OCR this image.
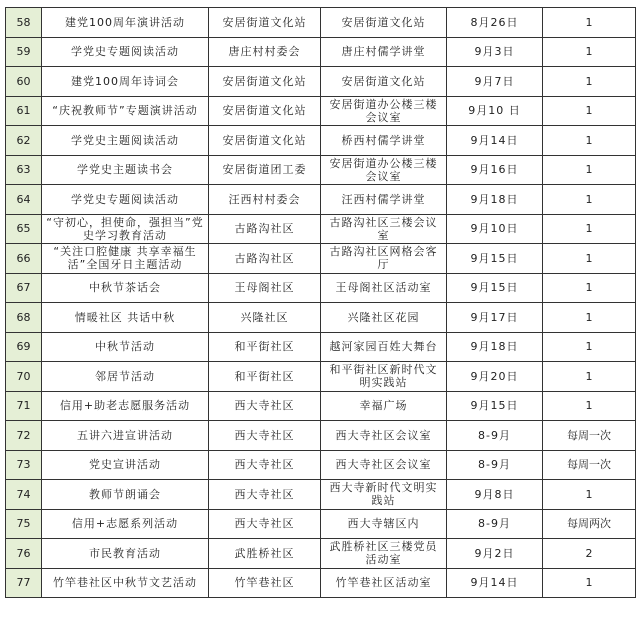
58	建党100周年演讲活动	安居街道文化站	安居街道文化站	8月26日	1
59	学党史专题阅读活动	唐庄村村委会	唐庄村儒学讲堂	9月3日	1
60	建党100周年诗词会	安居街道文化站	安居街道文化站	9月7日	1
61	“庆祝教师节”专题演讲活动	安居街道文化站	安居街道办公楼三楼会议室	9月10 日	1
62	学党史主题阅读活动	安居街道文化站	桥西村儒学讲堂	9月14日	1
63	学党史主题读书会	安居街道团工委	安居街道办公楼三楼会议室	9月16日	1
64	学党史专题阅读活动	汪西村村委会	汪西村儒学讲堂	9月18日	1
65	“守初心，担使命，强担当”党史学习教育活动	古路沟社区	古路沟社区三楼会议室	9月10日	1
66	“关注口腔健康 共享幸福生活”全国牙日主题活动	古路沟社区	古路沟社区网格会客厅	9月15日	1
67	中秋节茶话会	王母阁社区	王母阁社区活动室	9月15日	1
68	情暖社区 共话中秋	兴隆社区	兴隆社区花园	9月17日	1
69	中秋节活动	和平街社区	越河家园百姓大舞台	9月18日	1
70	邻居节活动	和平街社区	和平街社区新时代文明实践站	9月20日	1
71	信用+助老志愿服务活动	西大寺社区	幸福广场	9月15日	1
72	五讲六进宣讲活动	西大寺社区	西大寺社区会议室	8-9月	每周一次
73	党史宣讲活动	西大寺社区	西大寺社区会议室	8-9月	每周一次
74	教师节朗诵会	西大寺社区	西大寺新时代文明实践站	9月8日	1
75	信用+志愿系列活动	西大寺社区	西大寺辖区内	8-9月	每周两次
76	市民教育活动	武胜桥社区	武胜桥社区三楼党员活动室	9月2日	2
77	竹竿巷社区中秋节文艺活动	竹竿巷社区	竹竿巷社区活动室	9月14日	1
